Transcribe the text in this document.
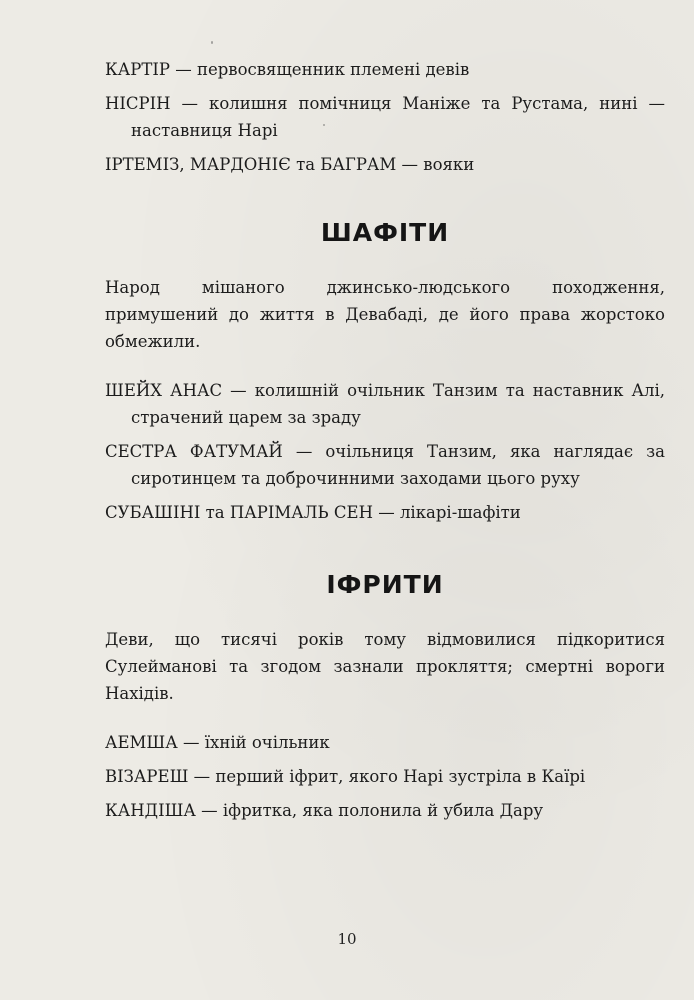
КАРТІР — первосвященник племені девів

НІСРІН — колишня помічниця Маніже та Рустама, нині — наставниця Нарі

ІРТЕМІЗ, МАРДОНІЄ та БАГРАМ — вояки

ШАФІТИ

Народ мішаного джинсько-людського походження, примушений до життя в Девабаді, де його права жорстоко обмежили.

ШЕЙХ АНАС — колишній очільник Танзим та наставник Алі, страчений царем за зраду

СЕСТРА ФАТУМАЙ — очільниця Танзим, яка наглядає за сиротинцем та доброчинними заходами цього руху

СУБАШІНІ та ПАРІМАЛЬ СЕН — лікарі-шафіти

ІФРИТИ

Деви, що тисячі років тому відмовилися підкоритися Сулейманові та згодом зазнали прокляття; смертні вороги Нахідів.

АЕМША — їхній очільник

ВІЗАРЕШ — перший іфрит, якого Нарі зустріла в Каїрі

КАНДІША — іфритка, яка полонила й убила Дару

10
